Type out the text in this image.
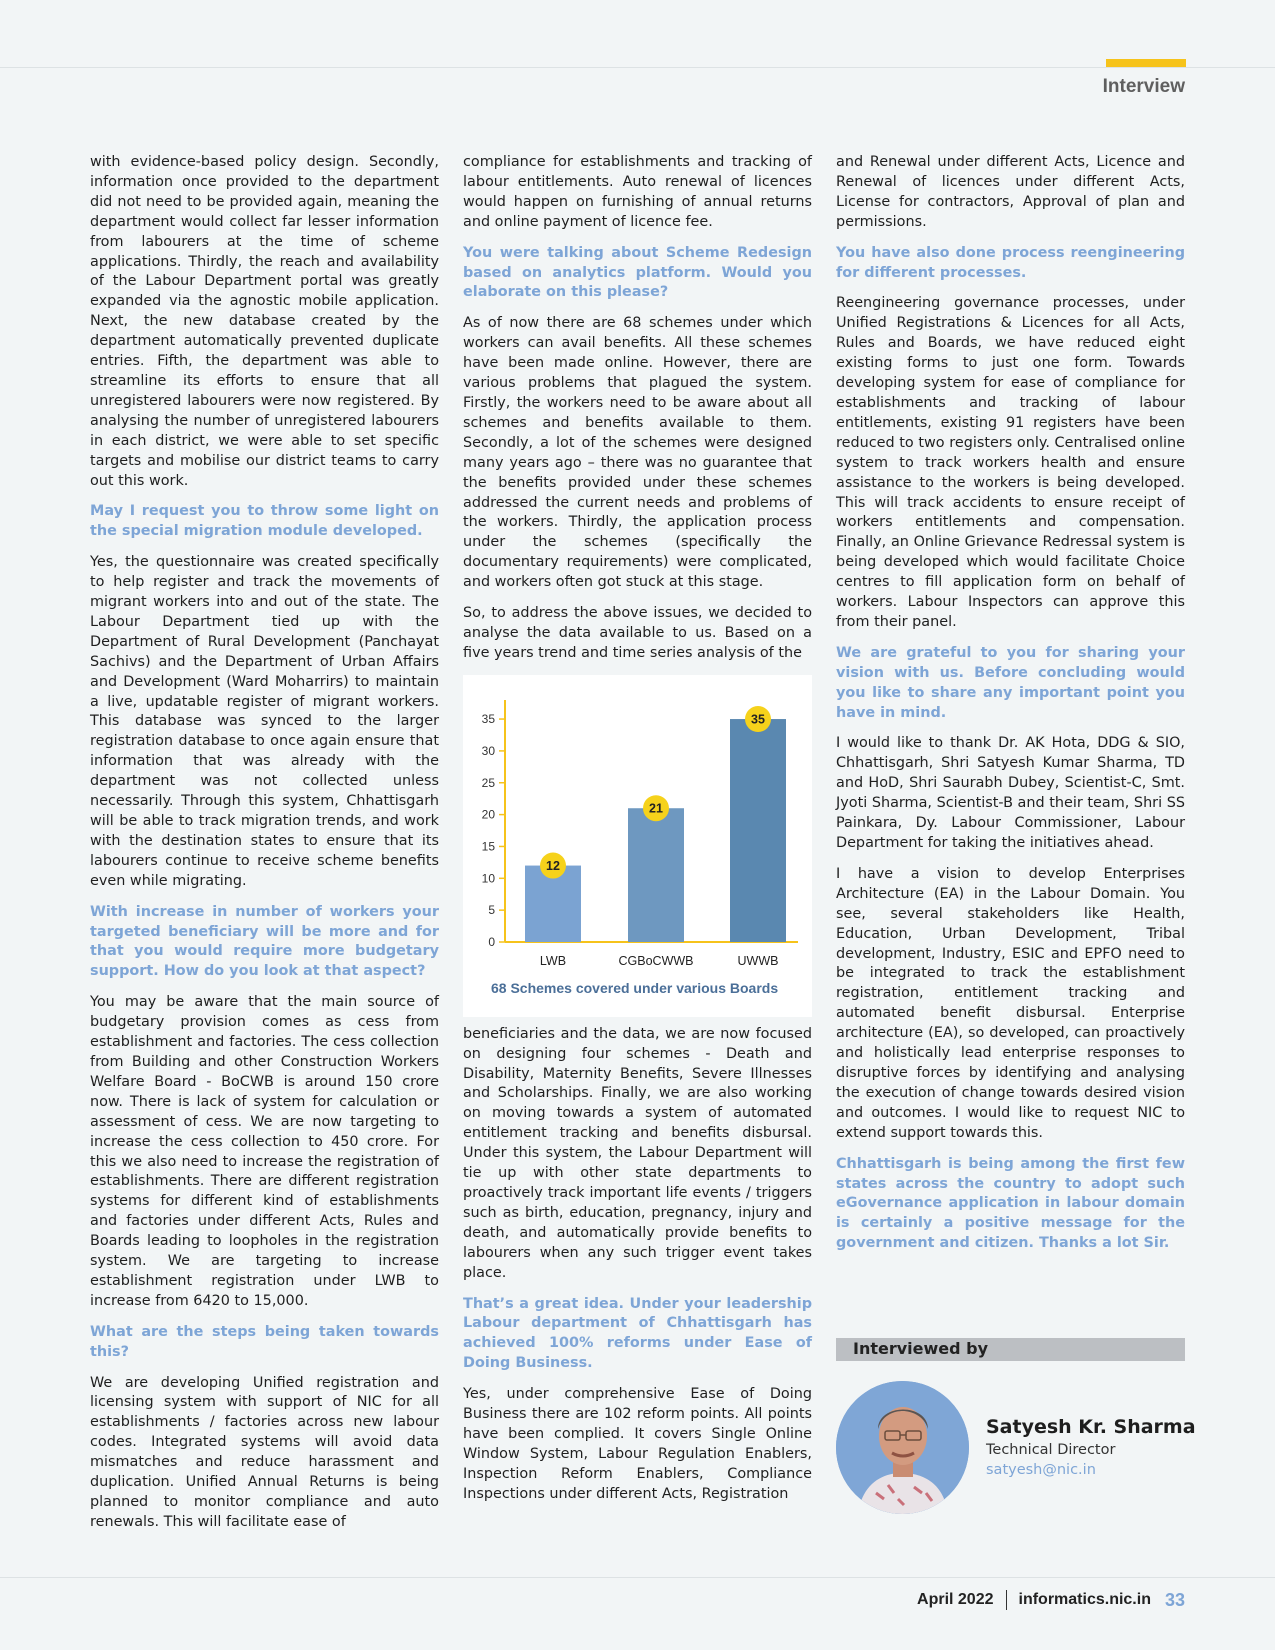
Interview

with evidence-based policy design. Secondly, information once provided to the department did not need to be provided again, meaning the department would collect far lesser information from labourers at the time of scheme applications. Thirdly, the reach and availability of the Labour Department portal was greatly expanded via the agnostic mobile application. Next, the new database created by the department automatically prevented duplicate entries. Fifth, the department was able to streamline its efforts to ensure that all unregistered labourers were now registered. By analysing the number of unregistered labourers in each district, we were able to set specific targets and mobilise our district teams to carry out this work.

May I request you to throw some light on the special migration module developed.

Yes, the questionnaire was created specifically to help register and track the movements of migrant workers into and out of the state. The Labour Department tied up with the Department of Rural Development (Panchayat Sachivs) and the Department of Urban Affairs and Development (Ward Moharrirs) to maintain a live, updatable register of migrant workers. This database was synced to the larger registration database to once again ensure that information that was already with the department was not collected unless necessarily. Through this system, Chhattisgarh will be able to track migration trends, and work with the destination states to ensure that its labourers continue to receive scheme benefits even while migrating.

With increase in number of workers your targeted beneficiary will be more and for that you would require more budgetary support. How do you look at that aspect?

You may be aware that the main source of budgetary provision comes as cess from establishment and factories. The cess collection from Building and other Construction Workers Welfare Board - BoCWB is around 150 crore now. There is lack of system for calculation or assessment of cess. We are now targeting to increase the cess collection to 450 crore. For this we also need to increase the registration of establishments. There are different registration systems for different kind of establishments and factories under different Acts, Rules and Boards leading to loopholes in the registration system. We are targeting to increase establishment registration under LWB to increase from 6420 to 15,000.

What are the steps being taken towards this?

We are developing Unified registration and licensing system with support of NIC for all establishments / factories across new labour codes. Integrated systems will avoid data mismatches and reduce harassment and duplication. Unified Annual Returns is being planned to monitor compliance and auto renewals. This will facilitate ease of

compliance for establishments and tracking of labour entitlements. Auto renewal of licences would happen on furnishing of annual returns and online payment of licence fee.

You were talking about Scheme Redesign based on analytics platform. Would you elaborate on this please?

As of now there are 68 schemes under which workers can avail benefits. All these schemes have been made online. However, there are various problems that plagued the system. Firstly, the workers need to be aware about all schemes and benefits available to them. Secondly, a lot of the schemes were designed many years ago – there was no guarantee that the benefits provided under these schemes addressed the current needs and problems of the workers. Thirdly, the application process under the schemes (specifically the documentary requirements) were complicated, and workers often got stuck at this stage.

So, to address the above issues, we decided to analyse the data available to us. Based on a five years trend and time series analysis of the

0
5
10
15
20
25
30
35
12
LWB
21
CGBoCWWB
35
UWWB
68 Schemes covered under various Boards

beneficiaries and the data, we are now focused on designing four schemes - Death and Disability, Maternity Benefits, Severe Illnesses and Scholarships. Finally, we are also working on moving towards a system of automated entitlement tracking and benefits disbursal. Under this system, the Labour Department will tie up with other state departments to proactively track important life events / triggers such as birth, education, pregnancy, injury and death, and automatically provide benefits to labourers when any such trigger event takes place.

That’s a great idea. Under your leadership Labour department of Chhattisgarh has achieved 100% reforms under Ease of Doing Business.

Yes, under comprehensive Ease of Doing Business there are 102 reform points. All points have been complied. It covers Single Online Window System, Labour Regulation Enablers, Inspection Reform Enablers, Compliance Inspections under different Acts, Registration

and Renewal under different Acts, Licence and Renewal of licences under different Acts, License for contractors, Approval of plan and permissions.

You have also done process reengineering for different processes.

Reengineering governance processes, under Unified Registrations & Licences for all Acts, Rules and Boards, we have reduced eight existing forms to just one form. Towards developing system for ease of compliance for establishments and tracking of labour entitlements, existing 91 registers have been reduced to two registers only. Centralised online system to track workers health and ensure assistance to the workers is being developed. This will track accidents to ensure receipt of workers entitlements and compensation. Finally, an Online Grievance Redressal system is being developed which would facilitate Choice centres to fill application form on behalf of workers. Labour Inspectors can approve this from their panel.

We are grateful to you for sharing your vision with us. Before concluding would you like to share any important point you have in mind.

I would like to thank Dr. AK Hota, DDG & SIO, Chhattisgarh, Shri Satyesh Kumar Sharma, TD and HoD, Shri Saurabh Dubey, Scientist-C, Smt. Jyoti Sharma, Scientist-B and their team, Shri SS Painkara, Dy. Labour Commissioner, Labour Department for taking the initiatives ahead.

I have a vision to develop Enterprises Architecture (EA) in the Labour Domain. You see, several stakeholders like Health, Education, Urban Development, Tribal development, Industry, ESIC and EPFO need to be integrated to track the establishment registration, entitlement tracking and automated benefit disbursal. Enterprise architecture (EA), so developed, can proactively and holistically lead enterprise responses to disruptive forces by identifying and analysing the execution of change towards desired vision and outcomes. I would like to request NIC to extend support towards this.

Chhattisgarh is being among the first few states across the country to adopt such eGovernance application in labour domain is certainly a positive message for the government and citizen. Thanks a lot Sir.

Interviewed by
Satyesh Kr. Sharma
Technical Director
satyesh@nic.in
April 2022 informatics.nic.in 33
